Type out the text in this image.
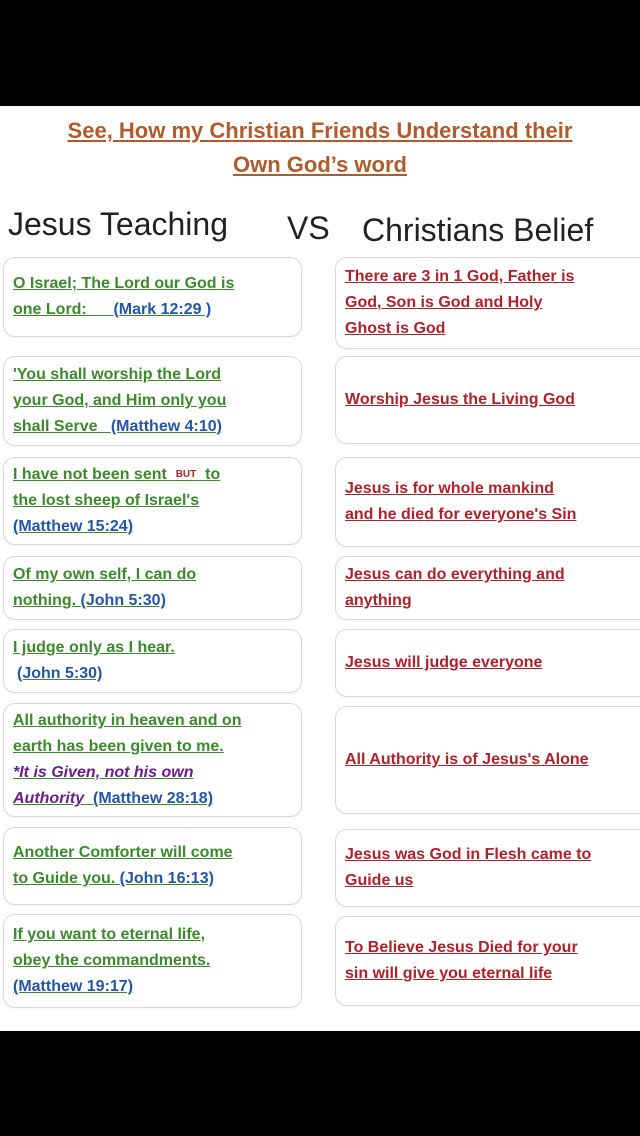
See, How my Christian Friends Understand their
Own God’s word
Jesus Teaching VS Christians Belief
O Israel; The Lord our God is
one Lord: (Mark 12:29 )
There are 3 in 1 God, Father is
God, Son is God and Holy
Ghost is God
'You shall worship the Lord
your God, and Him only you
shall Serve (Matthew 4:10)
Worship Jesus the Living God
I have not been sent BUT to
the lost sheep of Israel's
(Matthew 15:24)
Jesus is for whole mankind
and he died for everyone's Sin
Of my own self, I can do
nothing. (John 5:30)
Jesus can do everything and
anything
I judge only as I hear.
(John 5:30)
Jesus will judge everyone
All authority in heaven and on
earth has been given to me.
*It is Given, not his own
Authority (Matthew 28:18)
All Authority is of Jesus's Alone
Another Comforter will come
to Guide you. (John 16:13)
Jesus was God in Flesh came to
Guide us
If you want to eternal life,
obey the commandments.
(Matthew 19:17)
To Believe Jesus Died for your
sin will give you eternal life
